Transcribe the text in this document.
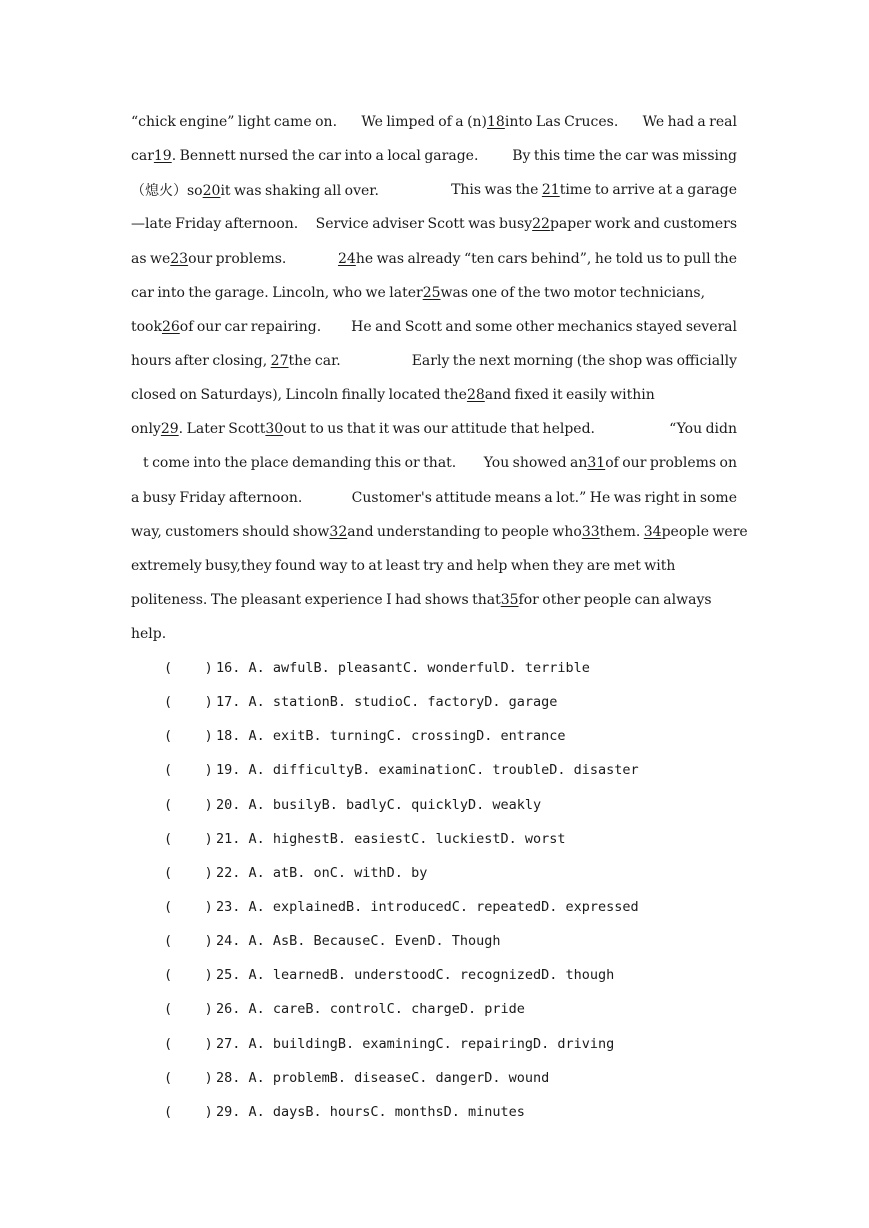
“chick engine” light came on. We limped of a (n)18into Las Cruces. We had a real
car19. Bennett nursed the car into a local garage. By this time the car was missing
（熄火）so20it was shaking all over.	This was the 21time to arrive at a garage
—late Friday afternoon. Service adviser Scott was busy22paper work and customers
as we23our problems.	24he was already “ten cars behind”, he told us to pull the
car into the garage. Lincoln, who we later25was one of the two motor technicians,
took26of our car repairing. He and Scott and some other mechanics stayed several
hours after closing, 27the car.	Early the next morning (the shop was officially
closed on Saturdays), Lincoln finally located the28and fixed it easily within
only29. Later Scott30out to us that it was our attitude that helped.	“You didn
t come into the place demanding this or that. You showed an31of our problems on
a busy Friday afternoon.	Customer's attitude means a lot.” He was right in some
way, customers should show32and understanding to people who33them. 34people were
extremely busy,they found way to at least try and help when they are met with
politeness. The pleasant experience I had shows that35for other people can always
help.
(    ) 16. A. awfulB. pleasantC. wonderfulD. terrible
(    ) 17. A. stationB. studioC. factoryD. garage
(    ) 18. A. exitB. turningC. crossingD. entrance
(    ) 19. A. difficultyB. examinationC. troubleD. disaster
(    ) 20. A. busilyB. badlyC. quicklyD. weakly
(    ) 21. A. highestB. easiestC. luckiestD. worst
(    ) 22. A. atB. onC. withD. by
(    ) 23. A. explainedB. introducedC. repeatedD. expressed
(    ) 24. A. AsB. BecauseC. EvenD. Though
(    ) 25. A. learnedB. understoodC. recognizedD. though
(    ) 26. A. careB. controlC. chargeD. pride
(    ) 27. A. buildingB. examiningC. repairingD. driving
(    ) 28. A. problemB. diseaseC. dangerD. wound
(    ) 29. A. daysB. hoursC. monthsD. minutes
